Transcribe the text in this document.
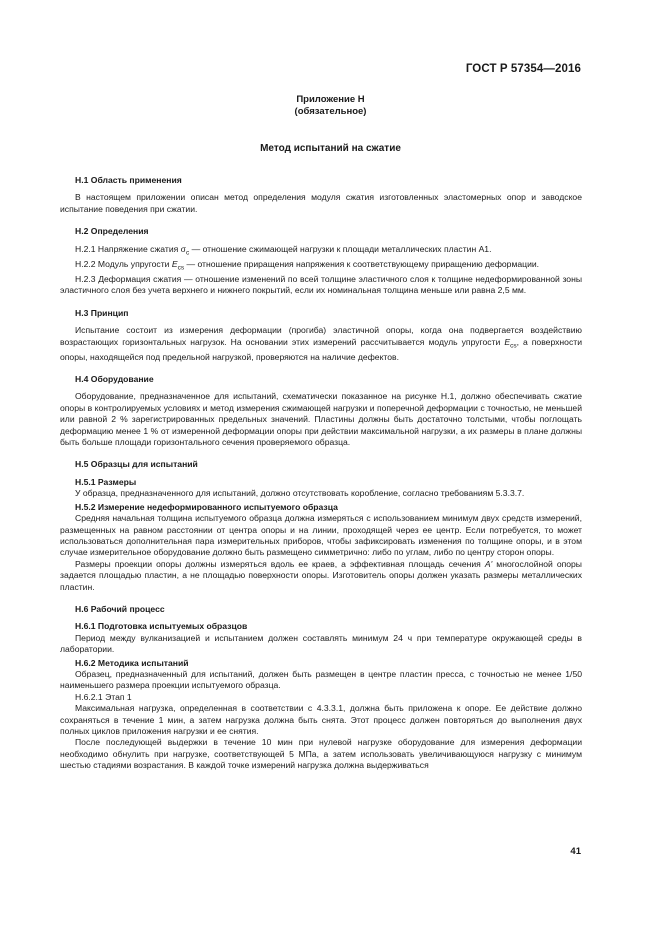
ГОСТ Р 57354—2016
Приложение Н
(обязательное)
Метод испытаний на сжатие
Н.1 Область применения

В настоящем приложении описан метод определения модуля сжатия изготовленных эластомерных опор и заводское испытание поведения при сжатии.

Н.2 Определения

Н.2.1 Напряжение сжатия $\sigma_c$ — отношение сжимающей нагрузки к площади металлических пластин А1.

Н.2.2 Модуль упругости $E_{cs}$ — отношение приращения напряжения к соответствующему приращению деформации.

Н.2.3 Деформация сжатия — отношение изменений по всей толщине эластичного слоя к толщине недеформированной зоны эластичного слоя без учета верхнего и нижнего покрытий, если их номинальная толщина меньше или равна 2,5 мм.

Н.3 Принцип

Испытание состоит из измерения деформации (прогиба) эластичной опоры, когда она подвергается воздействию возрастающих горизонтальных нагрузок. На основании этих измерений рассчитывается модуль упругости $E_{cs}$, а поверхности опоры, находящейся под предельной нагрузкой, проверяются на наличие дефектов.

Н.4 Оборудование

Оборудование, предназначенное для испытаний, схематически показанное на рисунке Н.1, должно обеспечивать сжатие опоры в контролируемых условиях и метод измерения сжимающей нагрузки и поперечной деформации с точностью, не меньшей или равной 2 % зарегистрированных предельных значений. Пластины должны быть достаточно толстыми, чтобы поглощать деформацию менее 1 % от измеренной деформации опоры при действии максимальной нагрузки, а их размеры в плане должны быть больше площади горизонтального сечения проверяемого образца.

Н.5 Образцы для испытаний
Н.5.1 Размеры

У образца, предназначенного для испытаний, должно отсутствовать коробление, согласно требованиям 5.3.3.7.

Н.5.2 Измерение недеформированного испытуемого образца

Средняя начальная толщина испытуемого образца должна измеряться с использованием минимум двух средств измерений, размещенных на равном расстоянии от центра опоры и на линии, проходящей через ее центр. Если потребуется, то может использоваться дополнительная пара измерительных приборов, чтобы зафиксировать изменения по толщине опоры, и в этом случае измерительное оборудование должно быть размещено симметрично: либо по углам, либо по центру сторон опоры.

Размеры проекции опоры должны измеряться вдоль ее краев, а эффективная площадь сечения A' многослойной опоры задается площадью пластин, а не площадью поверхности опоры. Изготовитель опоры должен указать размеры металлических пластин.

Н.6 Рабочий процесс
Н.6.1 Подготовка испытуемых образцов

Период между вулканизацией и испытанием должен составлять минимум 24 ч при температуре окружающей среды в лаборатории.

Н.6.2 Методика испытаний

Образец, предназначенный для испытаний, должен быть размещен в центре пластин пресса, с точностью не менее 1/50 наименьшего размера проекции испытуемого образца.

Н.6.2.1 Этап 1

Максимальная нагрузка, определенная в соответствии с 4.3.3.1, должна быть приложена к опоре. Ее действие должно сохраняться в течение 1 мин, а затем нагрузка должна быть снята. Этот процесс должен повторяться до выполнения двух полных циклов приложения нагрузки и ее снятия.

После последующей выдержки в течение 10 мин при нулевой нагрузке оборудование для измерения деформации необходимо обнулить при нагрузке, соответствующей 5 МПа, а затем использовать увеличивающуюся нагрузку с минимум шестью стадиями возрастания. В каждой точке измерений нагрузка должна выдерживаться

41
